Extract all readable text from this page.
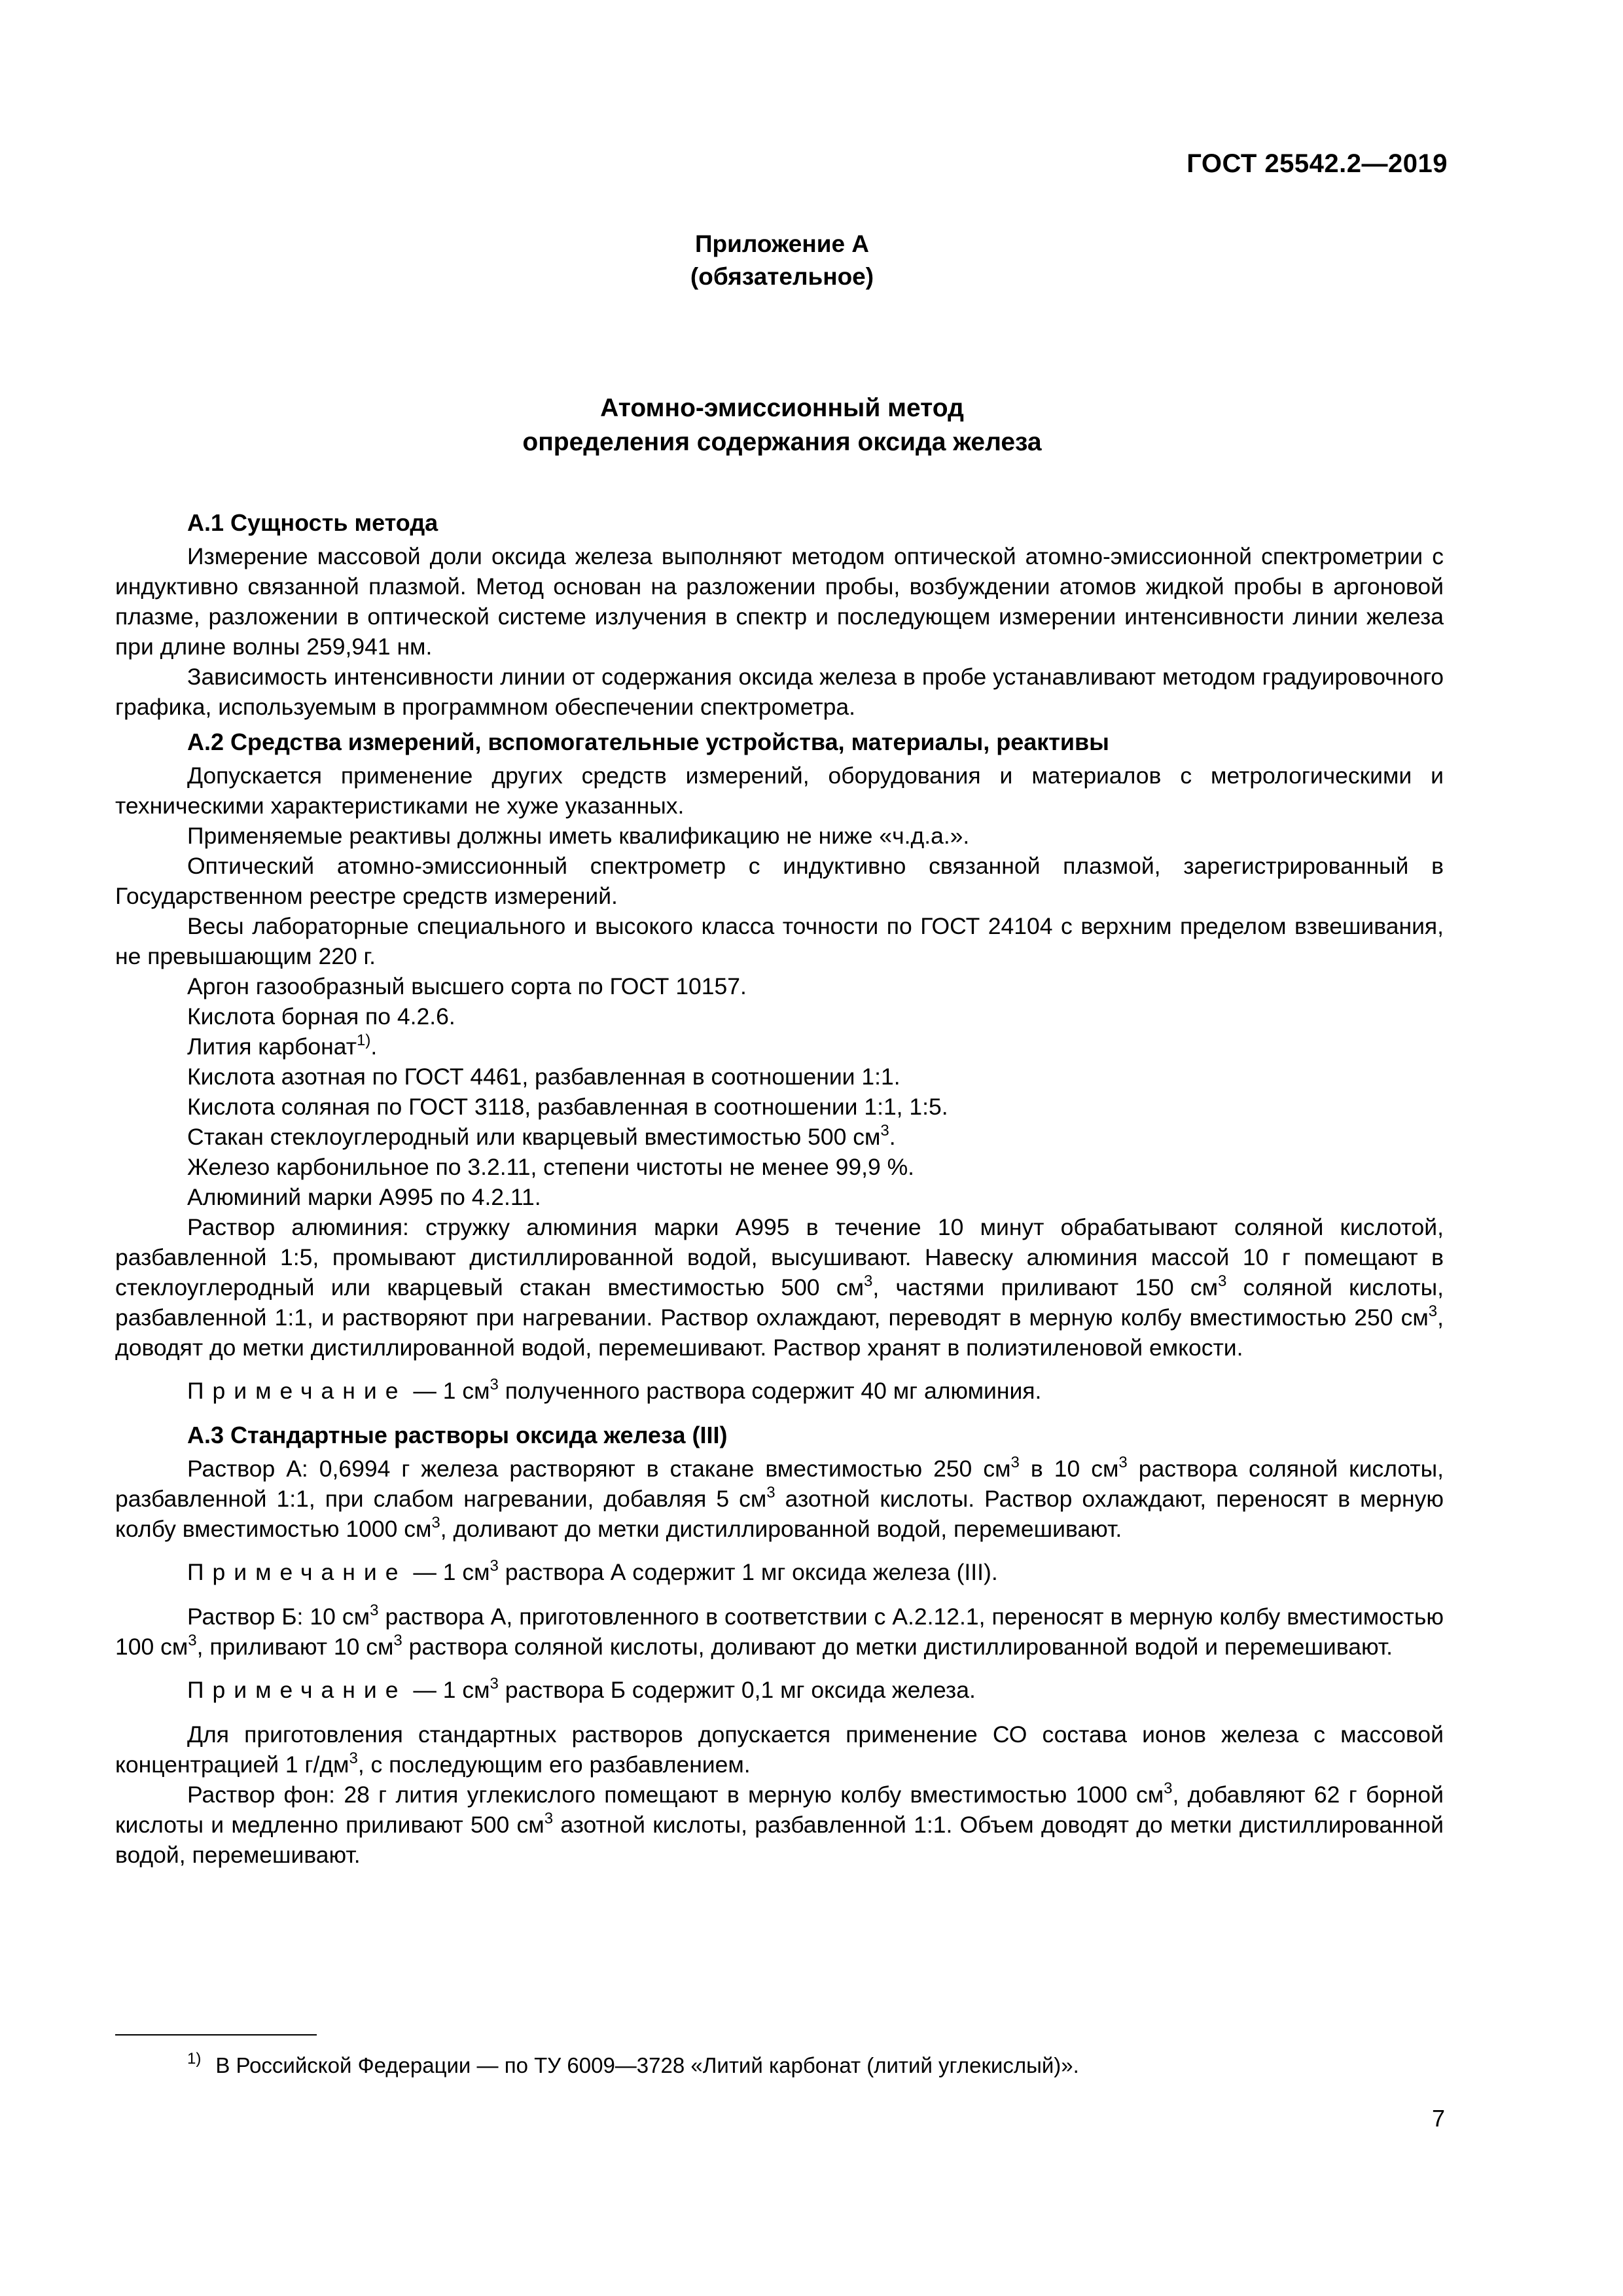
ГОСТ 25542.2—2019
Приложение А
(обязательное)
Атомно-эмиссионный метод
определения содержания оксида железа
А.1 Сущность метода

Измерение массовой доли оксида железа выполняют методом оптической атомно-эмиссионной спектрометрии с индуктивно связанной плазмой. Метод основан на разложении пробы, возбуждении атомов жидкой пробы в аргоновой плазме, разложении в оптической системе излучения в спектр и последующем измерении интенсивности линии железа при длине волны 259,941 нм.

Зависимость интенсивности линии от содержания оксида железа в пробе устанавливают методом градуировочного графика, используемым в программном обеспечении спектрометра.

А.2 Средства измерений, вспомогательные устройства, материалы, реактивы

Допускается применение других средств измерений, оборудования и материалов с метрологическими и техническими характеристиками не хуже указанных.

Применяемые реактивы должны иметь квалификацию не ниже «ч.д.а.».

Оптический атомно-эмиссионный спектрометр с индуктивно связанной плазмой, зарегистрированный в Государственном реестре средств измерений.

Весы лабораторные специального и высокого класса точности по ГОСТ 24104 с верхним пределом взвешивания, не превышающим 220 г.

Аргон газообразный высшего сорта по ГОСТ 10157.

Кислота борная по 4.2.6.

Лития карбонат$^{1)}$.

Кислота азотная по ГОСТ 4461, разбавленная в соотношении 1:1.

Кислота соляная по ГОСТ 3118, разбавленная в соотношении 1:1, 1:5.

Стакан стеклоуглеродный или кварцевый вместимостью 500 $см^3$.

Железо карбонильное по 3.2.11, степени чистоты не менее 99,9 %.

Алюминий марки А995 по 4.2.11.

Раствор алюминия: стружку алюминия марки А995 в течение 10 минут обрабатывают соляной кислотой, разбавленной 1:5, промывают дистиллированной водой, высушивают. Навеску алюминия массой 10 г помещают в стеклоуглеродный или кварцевый стакан вместимостью 500 $см^3$, частями приливают 150 $см^3$ соляной кислоты, разбавленной 1:1, и растворяют при нагревании. Раствор охлаждают, переводят в мерную колбу вместимостью 250 $см^3$, доводят до метки дистиллированной водой, перемешивают. Раствор хранят в полиэтиленовой емкости.

Примечание — 1 $см^3$ полученного раствора содержит 40 мг алюминия.

А.3 Стандартные растворы оксида железа (III)

Раствор А: 0,6994 г железа растворяют в стакане вместимостью 250 $см^3$ в 10 $см^3$ раствора соляной кислоты, разбавленной 1:1, при слабом нагревании, добавляя 5 $см^3$ азотной кислоты. Раствор охлаждают, переносят в мерную колбу вместимостью 1000 $см^3$, доливают до метки дистиллированной водой, перемешивают.

Примечание — 1 $см^3$ раствора А содержит 1 мг оксида железа (III).

Раствор Б: 10 $см^3$ раствора А, приготовленного в соответствии с А.2.12.1, переносят в мерную колбу вместимостью 100 $см^3$, приливают 10 $см^3$ раствора соляной кислоты, доливают до метки дистиллированной водой и перемешивают.

Примечание — 1 $см^3$ раствора Б содержит 0,1 мг оксида железа.

Для приготовления стандартных растворов допускается применение СО состава ионов железа с массовой концентрацией 1 $г/дм^3$, с последующим его разбавлением.

Раствор фон: 28 г лития углекислого помещают в мерную колбу вместимостью 1000 $см^3$, добавляют 62 г борной кислоты и медленно приливают 500 $см^3$ азотной кислоты, разбавленной 1:1. Объем доводят до метки дистиллированной водой, перемешивают.

$^{1)}$ В Российской Федерации — по ТУ 6009—3728 «Литий карбонат (литий углекислый)».
7
